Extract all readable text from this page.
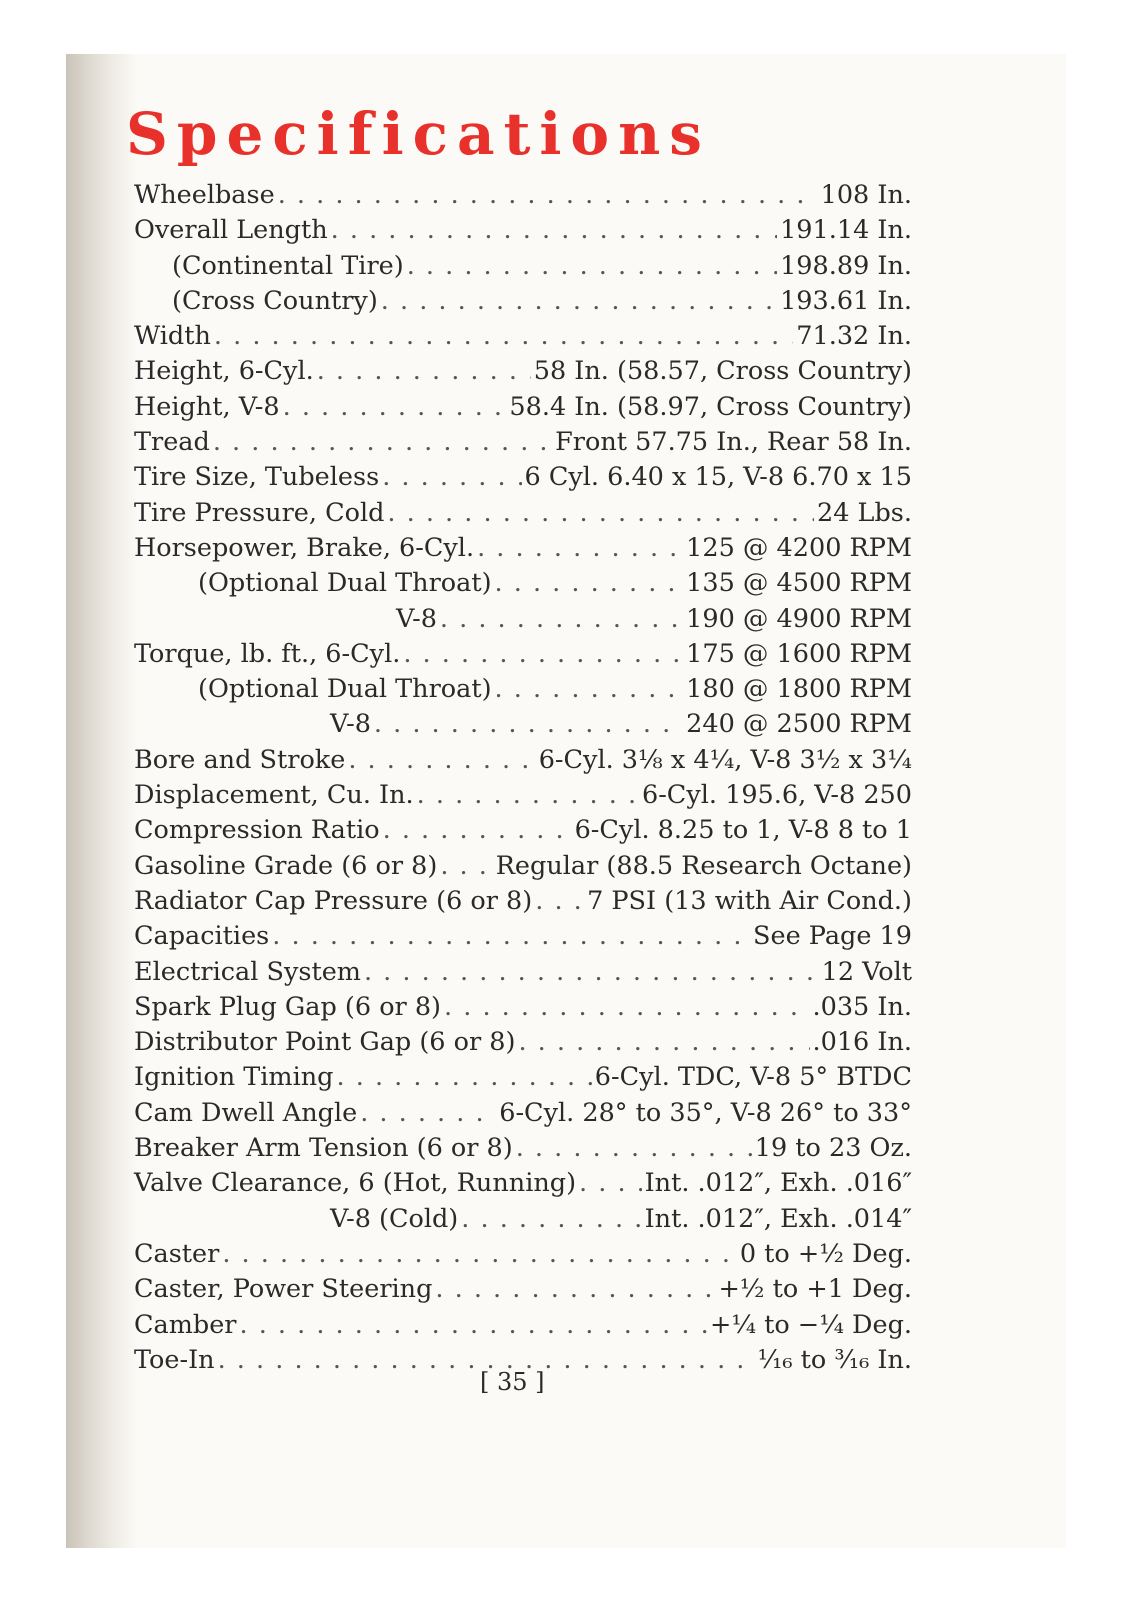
Specifications
Wheelbase . . .	108 In.
Overall Length . . .	191.14 In.
(Continental Tire) . . .	198.89 In.
(Cross Country) . . .	193.61 In.
Width . . .	71.32 In.
Height, 6-Cyl. . . .	58 In. (58.57, Cross Country)
Height, V-8 . . .	58.4 In. (58.97, Cross Country)
Tread . . .	Front 57.75 In., Rear 58 In.
Tire Size, Tubeless . . .	6 Cyl. 6.40 x 15, V-8 6.70 x 15
Tire Pressure, Cold . . .	24 Lbs.
Horsepower, Brake, 6-Cyl. . . .	125 @ 4200 RPM
(Optional Dual Throat) . . .	135 @ 4500 RPM
V-8 . . .	190 @ 4900 RPM
Torque, lb. ft., 6-Cyl. . . .	175 @ 1600 RPM
(Optional Dual Throat) . . .	180 @ 1800 RPM
V-8 . . .	240 @ 2500 RPM
Bore and Stroke . . .	6-Cyl. 3⅛ x 4¼, V-8 3½ x 3¼
Displacement, Cu. In. . . .	6-Cyl. 195.6, V-8 250
Compression Ratio . . .	6-Cyl. 8.25 to 1, V-8 8 to 1
Gasoline Grade (6 or 8) . . . Regular (88.5 Research Octane)
Radiator Cap Pressure (6 or 8) . . . 7 PSI (13 with Air Cond.)
Capacities . . .	See Page 19
Electrical System . . .	12 Volt
Spark Plug Gap (6 or 8) . . .	.035 In.
Distributor Point Gap (6 or 8) . . .	.016 In.
Ignition Timing . . .	6-Cyl. TDC, V-8 5° BTDC
Cam Dwell Angle . . .	6-Cyl. 28° to 35°, V-8 26° to 33°
Breaker Arm Tension (6 or 8) . . .	19 to 23 Oz.
Valve Clearance, 6 (Hot, Running) . . .	Int. .012″, Exh. .016″
V-8 (Cold) . . .	Int. .012″, Exh. .014″
Caster . . .	0 to +½ Deg.
Caster, Power Steering . . .	+½ to +1 Deg.
Camber . . .	+¼ to −¼ Deg.
Toe-In . . .	¹⁄₁₆ to ³⁄₁₆ In.
[ 35 ]
